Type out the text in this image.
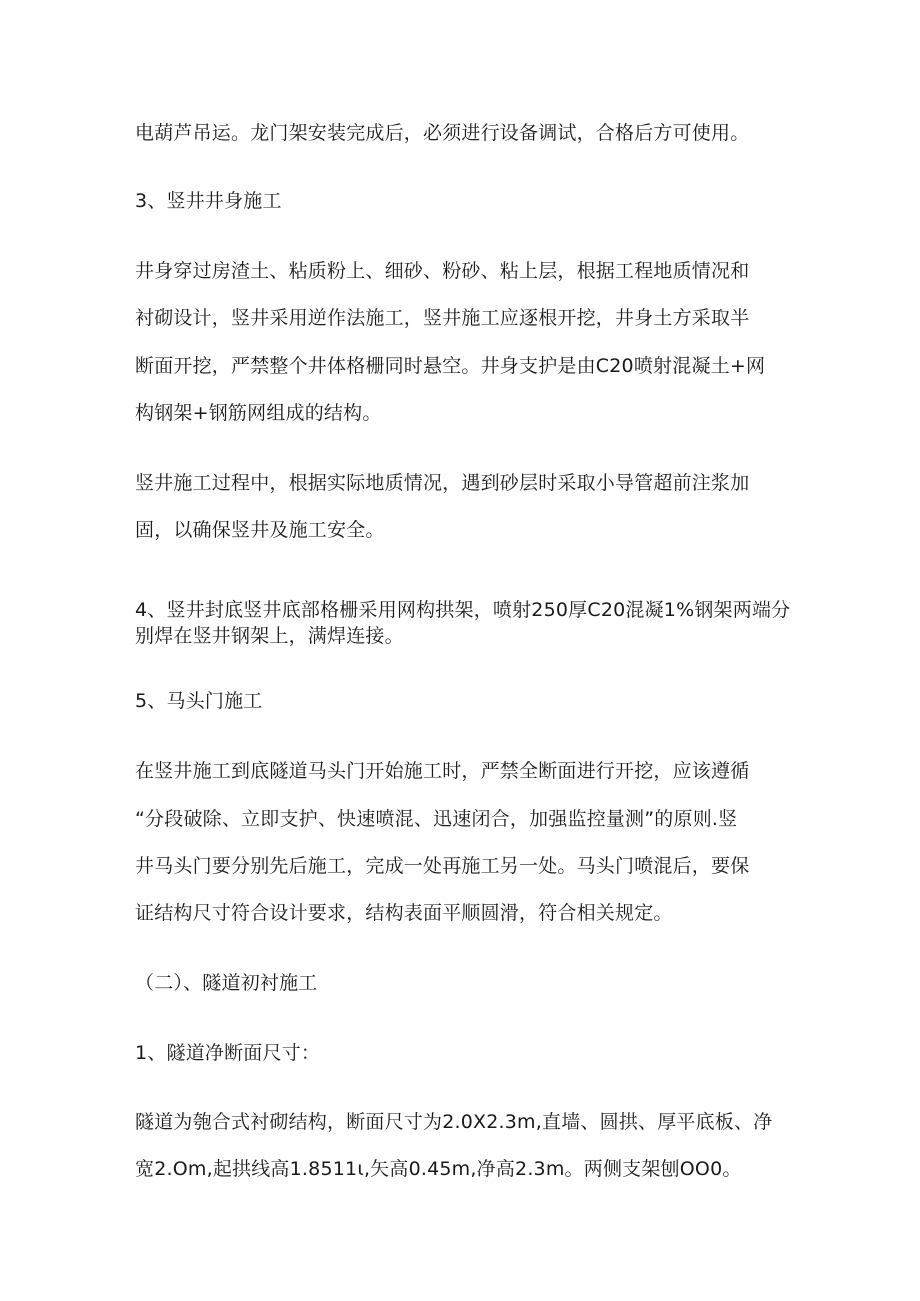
电葫芦吊运。龙门架安装完成后，必须进行设备调试，合格后方可使用。
3、竖井井身施工
井身穿过房渣土、粘质粉上、细砂、粉砂、粘上层，根据工程地质情况和
衬砌设计，竖井采用逆作法施工，竖井施工应逐根开挖，井身土方采取半
断面开挖，严禁整个井体格栅同时悬空。井身支护是由C20喷射混凝土+网
构钢架+钢筋网组成的结构。
竖井施工过程中，根据实际地质情况，遇到砂层时采取小导管超前注浆加
固，以确保竖井及施工安全。
4、竖井封底竖井底部格栅采用网构拱架，喷射250厚C20混凝1%钢架两端分
别焊在竖井钢架上，满焊连接。
5、马头门施工
在竖井施工到底隧道马头门开始施工时，严禁全断面进行开挖，应该遵循
“分段破除、立即支护、快速喷混、迅速闭合，加强监控量测”的原则.竖
井马头门要分别先后施工，完成一处再施工另一处。马头门喷混后，要保
证结构尺寸符合设计要求，结构表面平顺圆滑，符合相关规定。
（二）、隧道初衬施工
1、隧道净断面尺寸：
隧道为匏合式衬砌结构，断面尺寸为2.0X2.3m,直墙、圆拱、厚平底板、净
宽2.Om,起拱线高1.8511ι,矢高0.45m,净高2.3m。两侧支架刨OO0。
